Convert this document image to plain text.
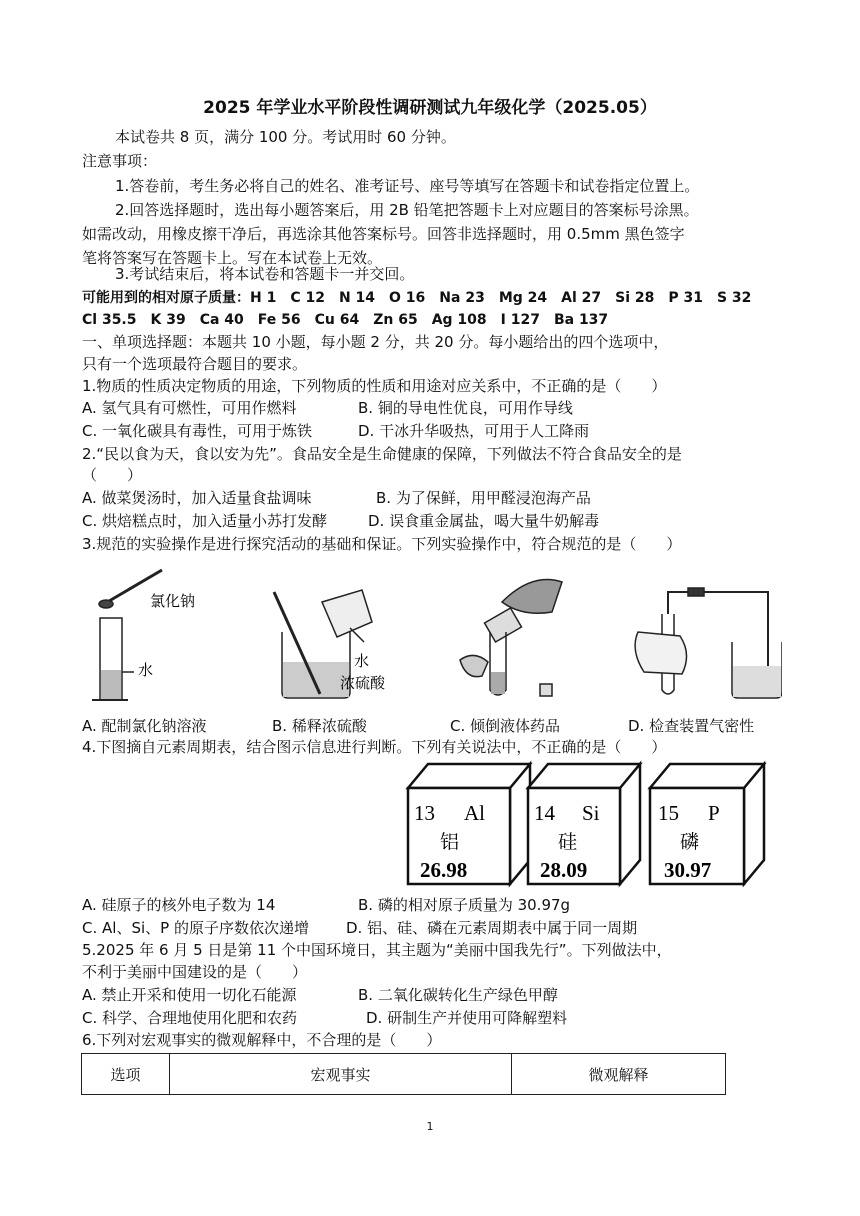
2025 年学业水平阶段性调研测试九年级化学（2025.05）
本试卷共 8 页，满分 100 分。考试用时 60 分钟。
注意事项：
1.答卷前，考生务必将自己的姓名、准考证号、座号等填写在答题卡和试卷指定位置上。
2.回答选择题时，选出每小题答案后，用 2B 铅笔把答题卡上对应题目的答案标号涂黑。
如需改动，用橡皮擦干净后，再选涂其他答案标号。回答非选择题时，用 0.5mm 黑色签字
笔将答案写在答题卡上。写在本试卷上无效。
3.考试结束后，将本试卷和答题卡一并交回。
可能用到的相对原子质量：H 1　C 12　N 14　O 16　Na 23　Mg 24　Al 27　Si 28　P 31　S 32
Cl 35.5　K 39　Ca 40　Fe 56　Cu 64　Zn 65　Ag 108　I 127　Ba 137
一、单项选择题：本题共 10 小题，每小题 2 分，共 20 分。每小题给出的四个选项中，
只有一个选项最符合题目的要求。
1.物质的性质决定物质的用途，下列物质的性质和用途对应关系中，不正确的是（　　）
A. 氢气具有可燃性，可用作燃料	B. 铜的导电性优良，可用作导线
C. 一氧化碳具有毒性，可用于炼铁	D. 干冰升华吸热，可用于人工降雨
2.“民以食为天，食以安为先”。食品安全是生命健康的保障，下列做法不符合食品安全的是
（　　）
A. 做菜煲汤时，加入适量食盐调味	B. 为了保鲜，用甲醛浸泡海产品
C. 烘焙糕点时，加入适量小苏打发酵	D. 误食重金属盐，喝大量牛奶解毒
3.规范的实验操作是进行探究活动的基础和保证。下列实验操作中，符合规范的是（　　）
氯化钠
水
水
浓硫酸
A. 配制氯化钠溶液	B. 稀释浓硫酸	C. 倾倒液体药品	D. 检查装置气密性
4.下图摘自元素周期表，结合图示信息进行判断。下列有关说法中，不正确的是（　　）
13 Al
铝
26.98
14 Si
硅
28.09
15 P
磷
30.97
A. 硅原子的核外电子数为 14	B. 磷的相对原子质量为 30.97g
C. Al、Si、P 的原子序数依次递增 D. 铝、硅、磷在元素周期表中属于同一周期
5.2025 年 6 月 5 日是第 11 个中国环境日，其主题为“美丽中国我先行”。下列做法中，
不利于美丽中国建设的是（　　）
A. 禁止开采和使用一切化石能源	B. 二氧化碳转化生产绿色甲醇
C. 科学、合理地使用化肥和农药	D. 研制生产并使用可降解塑料
6.下列对宏观事实的微观解释中，不合理的是（　　）
选项	宏观事实	微观解释
1
